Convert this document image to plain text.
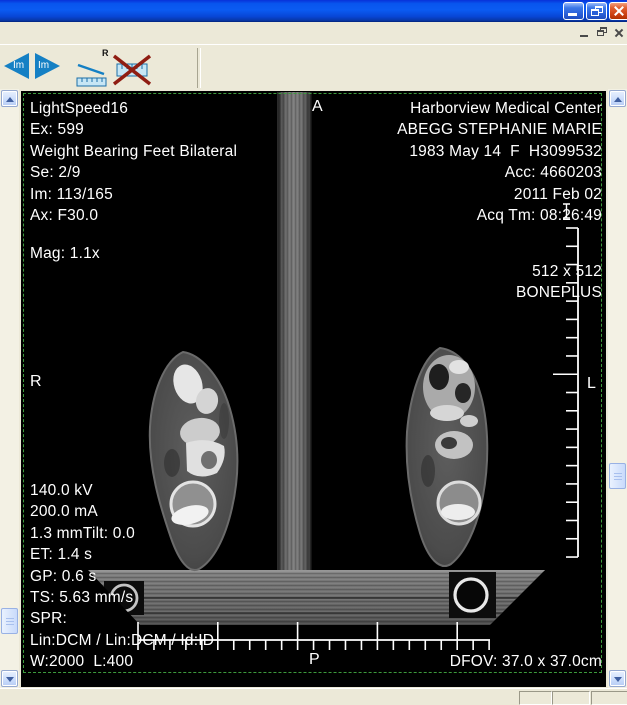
Im Im
R
LightSpeed16
Ex: 599
Weight Bearing Feet Bilateral
Se: 2/9
Im: 113/165
Ax: F30.0
Mag: 1.1x
Harborview Medical Center
ABEGG STEPHANIE MARIE
1983 May 14  F  H3099532
Acc: 4660203
2011 Feb 02
Acq Tm: 08:26:49
512 x 512
BONEPLUS
140.0 kV
200.0 mA
1.3 mmTilt: 0.0
ET: 1.4 s
GP: 0.6 s
TS: 5.63 mm/s
SPR:
Lin:DCM / Lin:DCM / Id:ID
W:2000  L:400	DFOV: 37.0 x 37.0cm
A
R	L
P
